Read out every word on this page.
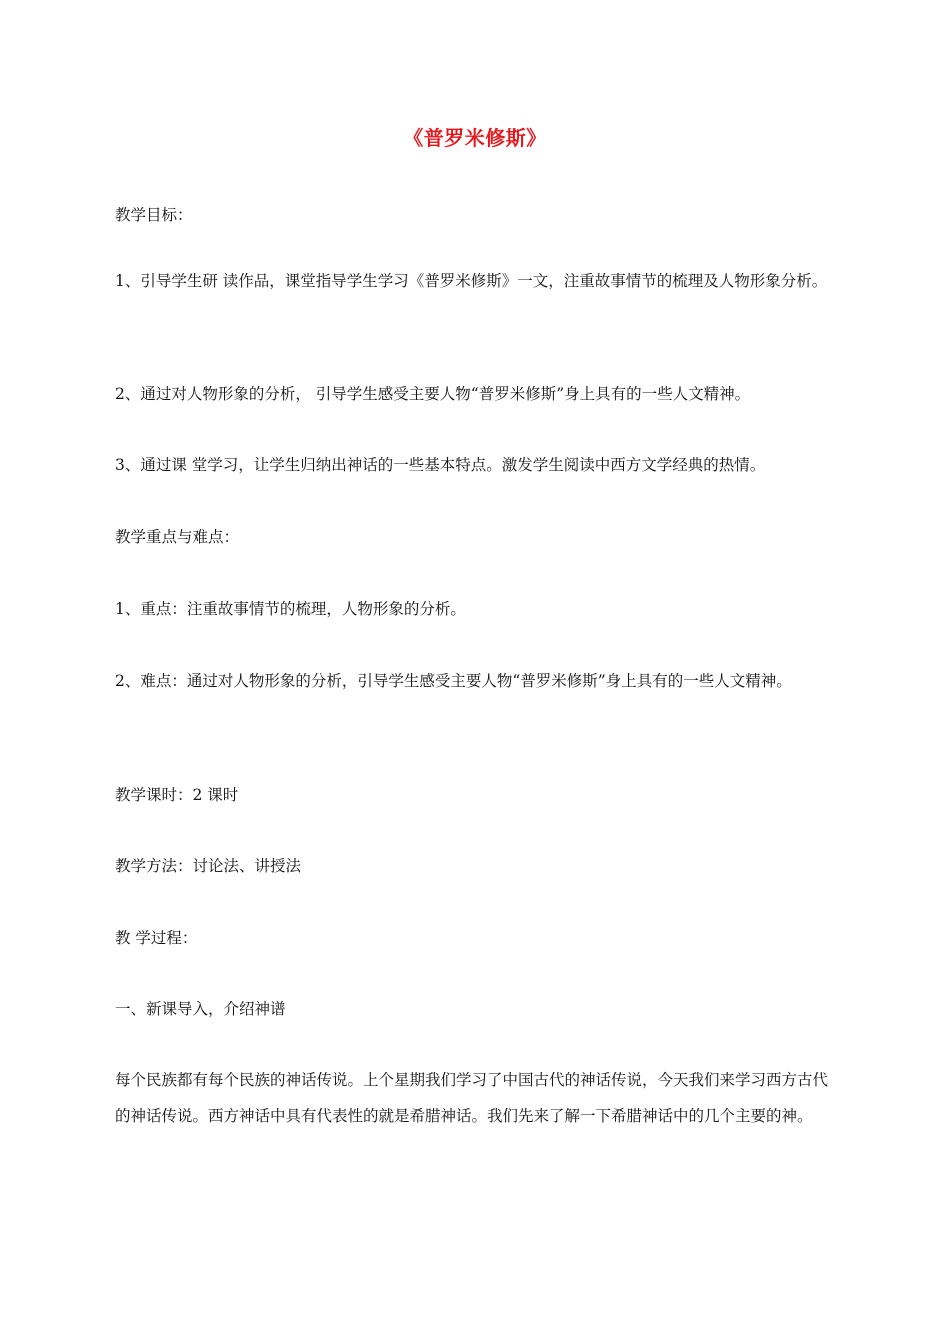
《普罗米修斯》
教学目标：
1、引导学生研 读作品，课堂指导学生学习《普罗米修斯》一文，注重故事情节的梳理及人物形象分析。
2、通过对人物形象的分析， 引导学生感受主要人物“普罗米修斯”身上具有的一些人文精神。
3、通过课 堂学习，让学生归纳出神话的一些基本特点。激发学生阅读中西方文学经典的热情。
教学重点与难点：
1、重点：注重故事情节的梳理，人物形象的分析。
2、难点：通过对人物形象的分析，引导学生感受主要人物“普罗米修斯”身上具有的一些人文精神。
教学课时：2 课时
教学方法：讨论法、讲授法
教 学过程：
一、新课导入，介绍神谱
每个民族都有每个民族的神话传说。上个星期我们学习了中国古代的神话传说，今天我们来学习西方古代的神话传说。西方神话中具有代表性的就是希腊神话。我们先来了解一下希腊神话中的几个主要的神。
